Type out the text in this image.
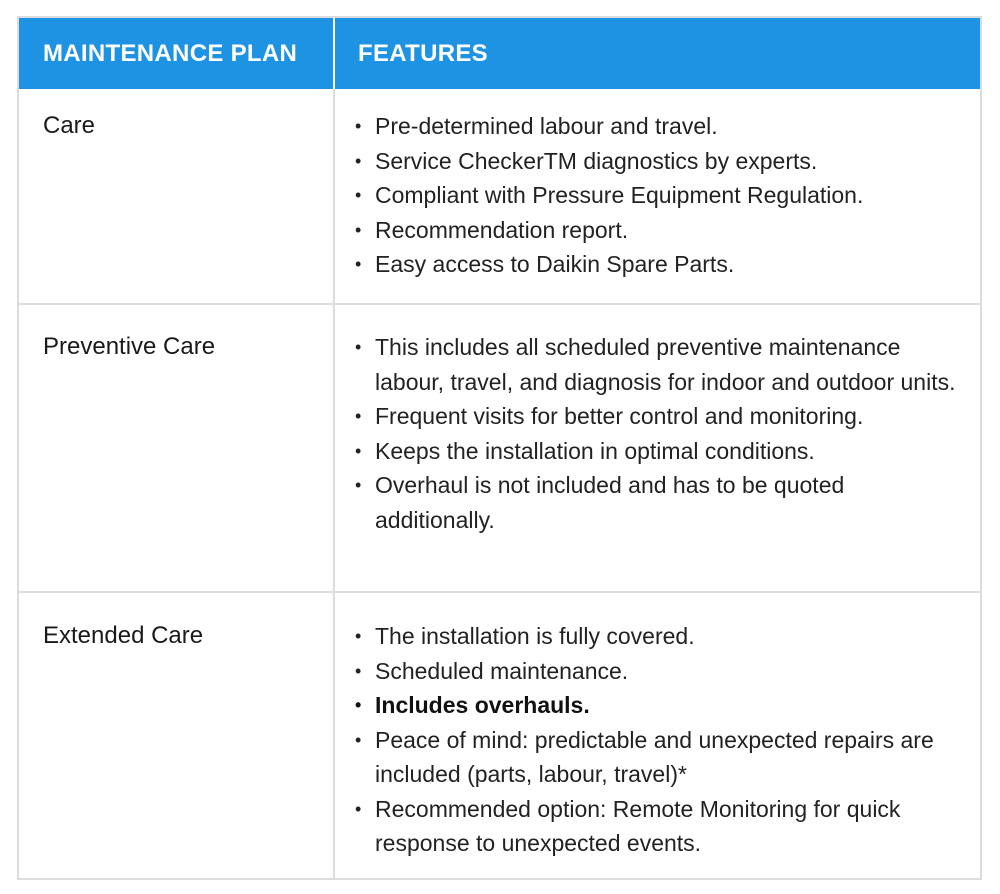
MAINTENANCE PLAN	FEATURES
Care	• Pre-determined labour and travel.
• Service CheckerTM diagnostics by experts.
• Compliant with Pressure Equipment Regulation.
• Recommendation report.
• Easy access to Daikin Spare Parts.
Preventive Care	• This includes all scheduled preventive maintenance labour, travel, and diagnosis for indoor and outdoor units.
• Frequent visits for better control and monitoring.
• Keeps the installation in optimal conditions.
• Overhaul is not included and has to be quoted additionally.
Extended Care	• The installation is fully covered.
• Scheduled maintenance.
• Includes overhauls.
• Peace of mind: predictable and unexpected repairs are included (parts, labour, travel)*
• Recommended option: Remote Monitoring for quick response to unexpected events.
